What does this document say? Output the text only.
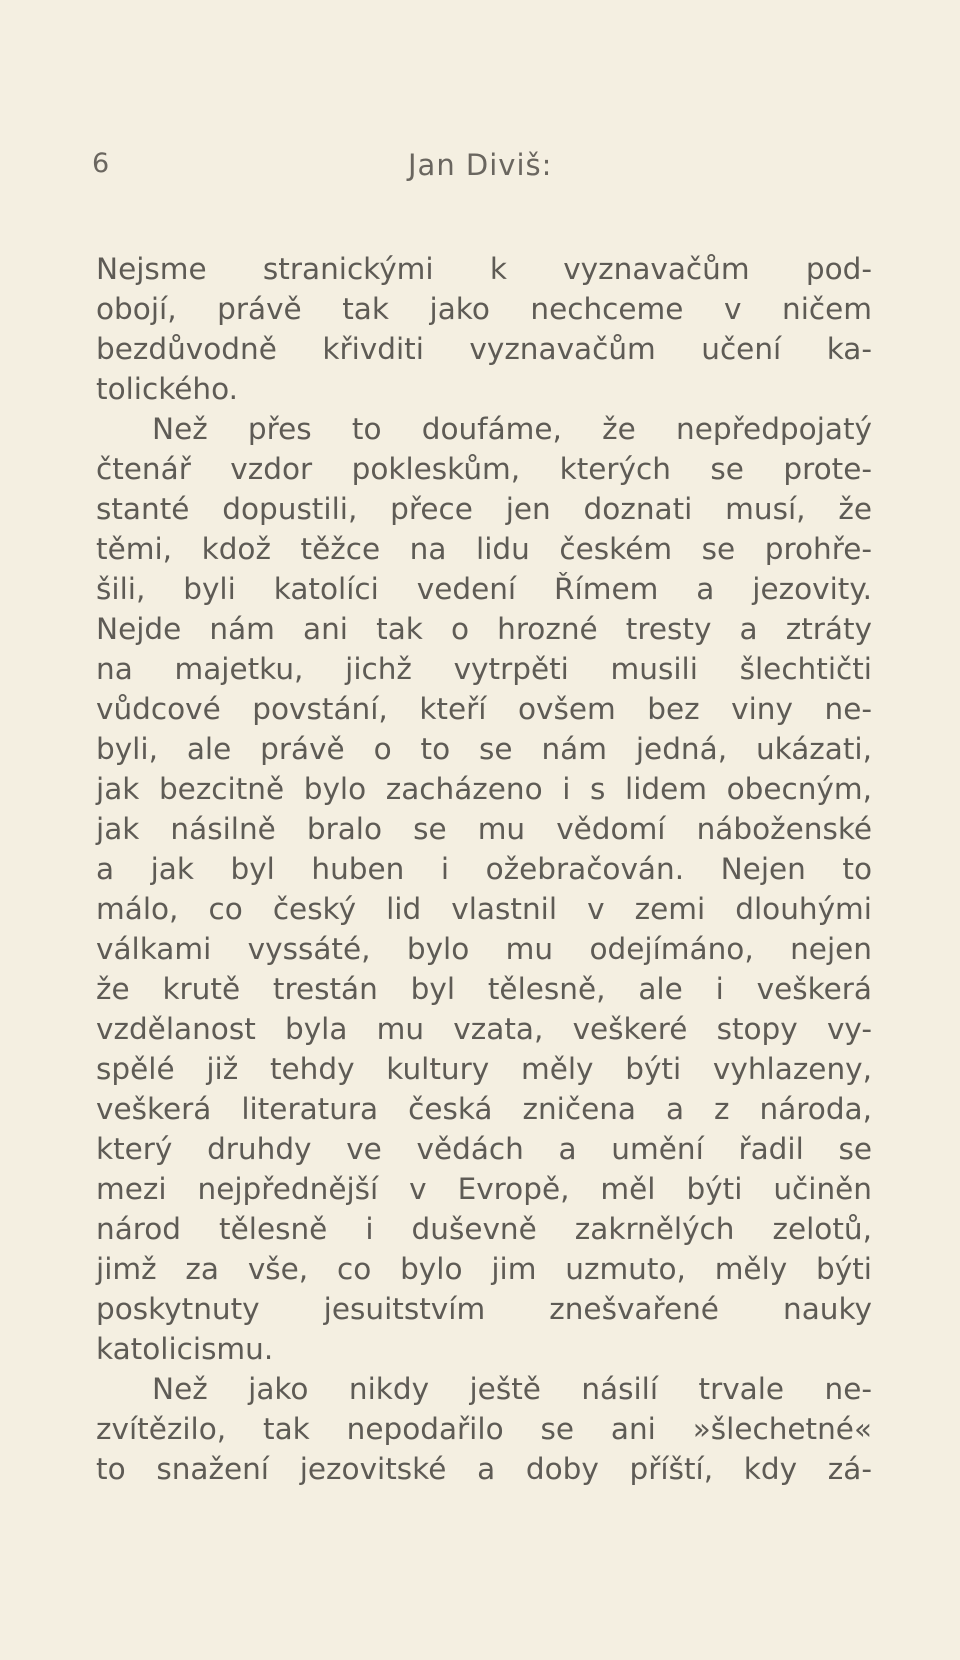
6	Jan Diviš:
Nejsme stranickými k vyznavačům pod-
obojí, právě tak jako nechceme v ničem
bezdůvodně křivditi vyznavačům učení ka-
tolického.
Než přes to doufáme, že nepředpojatý
čtenář vzdor pokleskům, kterých se prote-
stanté dopustili, přece jen doznati musí, že
těmi, kdož těžce na lidu českém se prohře-
šili, byli katolíci vedení Římem a jezovity.
Nejde nám ani tak o hrozné tresty a ztráty
na majetku, jichž vytrpěti musili šlechtičti
vůdcové povstání, kteří ovšem bez viny ne-
byli, ale právě o to se nám jedná, ukázati,
jak bezcitně bylo zacházeno i s lidem obecným,
jak násilně bralo se mu vědomí náboženské
a jak byl huben i ožebračován. Nejen to
málo, co český lid vlastnil v zemi dlouhými
válkami vyssáté, bylo mu odejímáno, nejen
že krutě trestán byl tělesně, ale i veškerá
vzdělanost byla mu vzata, veškeré stopy vy-
spělé již tehdy kultury měly býti vyhlazeny,
veškerá literatura česká zničena a z národa,
který druhdy ve vědách a umění řadil se
mezi nejpřednější v Evropě, měl býti učiněn
národ tělesně i duševně zakrnělých zelotů,
jimž za vše, co bylo jim uzmuto, měly býti
poskytnuty jesuitstvím znešvařené nauky
katolicismu.
Než jako nikdy ještě násilí trvale ne-
zvítězilo, tak nepodařilo se ani »šlechetné«
to snažení jezovitské a doby příští, kdy zá-
